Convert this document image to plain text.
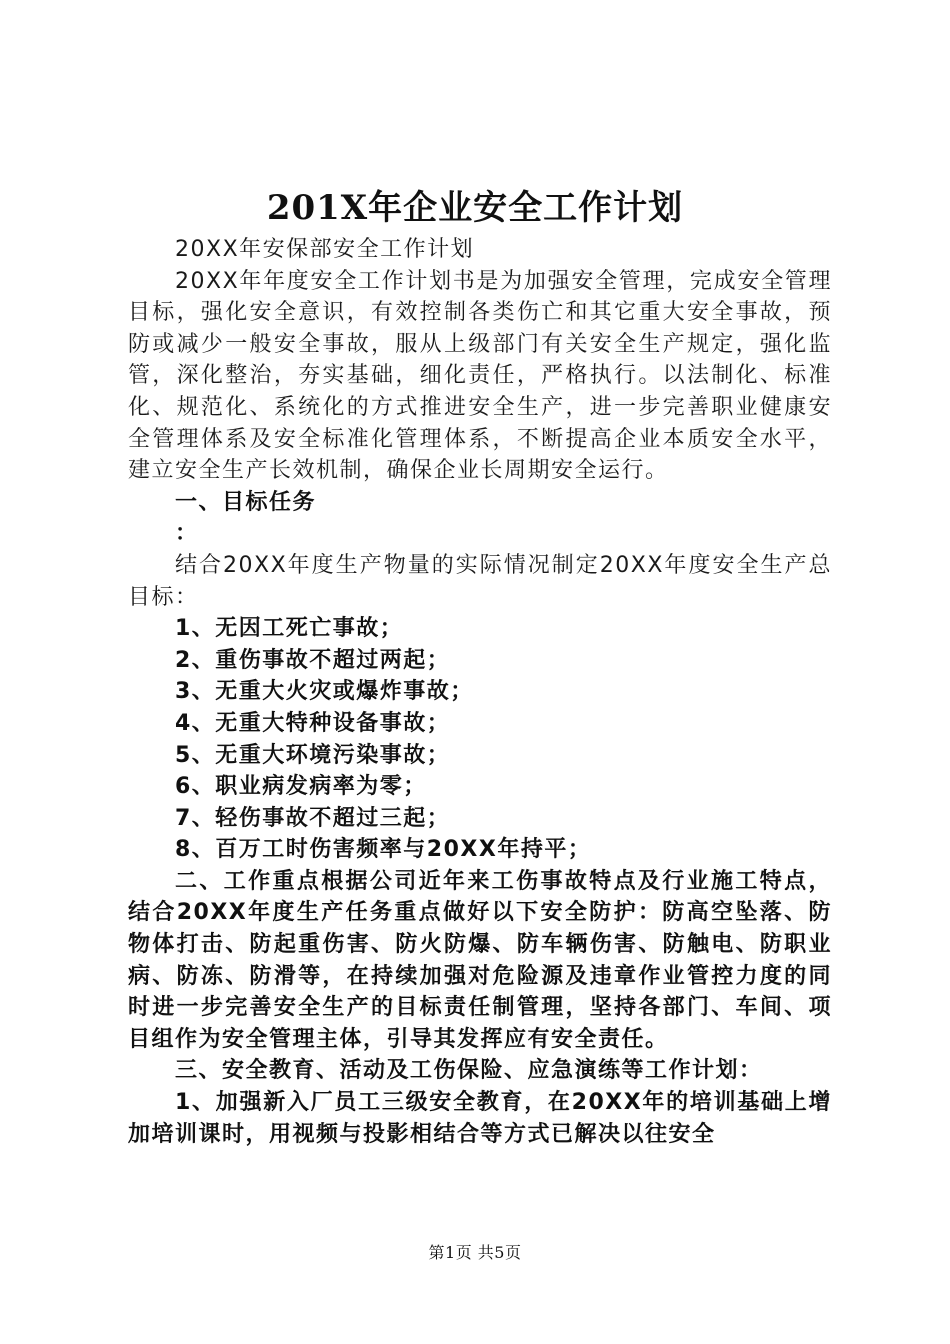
201X年企业安全工作计划

20XX年安保部安全工作计划

20XX年年度安全工作计划书是为加强安全管理，完成安全管理目标，强化安全意识，有效控制各类伤亡和其它重大安全事故，预防或减少一般安全事故，服从上级部门有关安全生产规定，强化监管，深化整治，夯实基础，细化责任，严格执行。以法制化、标准化、规范化、系统化的方式推进安全生产，进一步完善职业健康安全管理体系及安全标准化管理体系，不断提高企业本质安全水平，建立安全生产长效机制，确保企业长周期安全运行。

一、目标任务

：

结合20XX年度生产物量的实际情况制定20XX年度安全生产总目标：

1、无因工死亡事故；

2、重伤事故不超过两起；

3、无重大火灾或爆炸事故；

4、无重大特种设备事故；

5、无重大环境污染事故；

6、职业病发病率为零；

7、轻伤事故不超过三起；

8、百万工时伤害频率与20XX年持平；

二、工作重点根据公司近年来工伤事故特点及行业施工特点，结合20XX年度生产任务重点做好以下安全防护：防高空坠落、防物体打击、防起重伤害、防火防爆、防车辆伤害、防触电、防职业病、防冻、防滑等，在持续加强对危险源及违章作业管控力度的同时进一步完善安全生产的目标责任制管理，坚持各部门、车间、项目组作为安全管理主体，引导其发挥应有安全责任。

三、安全教育、活动及工伤保险、应急演练等工作计划：

1、加强新入厂员工三级安全教育，在20XX年的培训基础上增加培训课时，用视频与投影相结合等方式已解决以往安全

第1页 共5页
